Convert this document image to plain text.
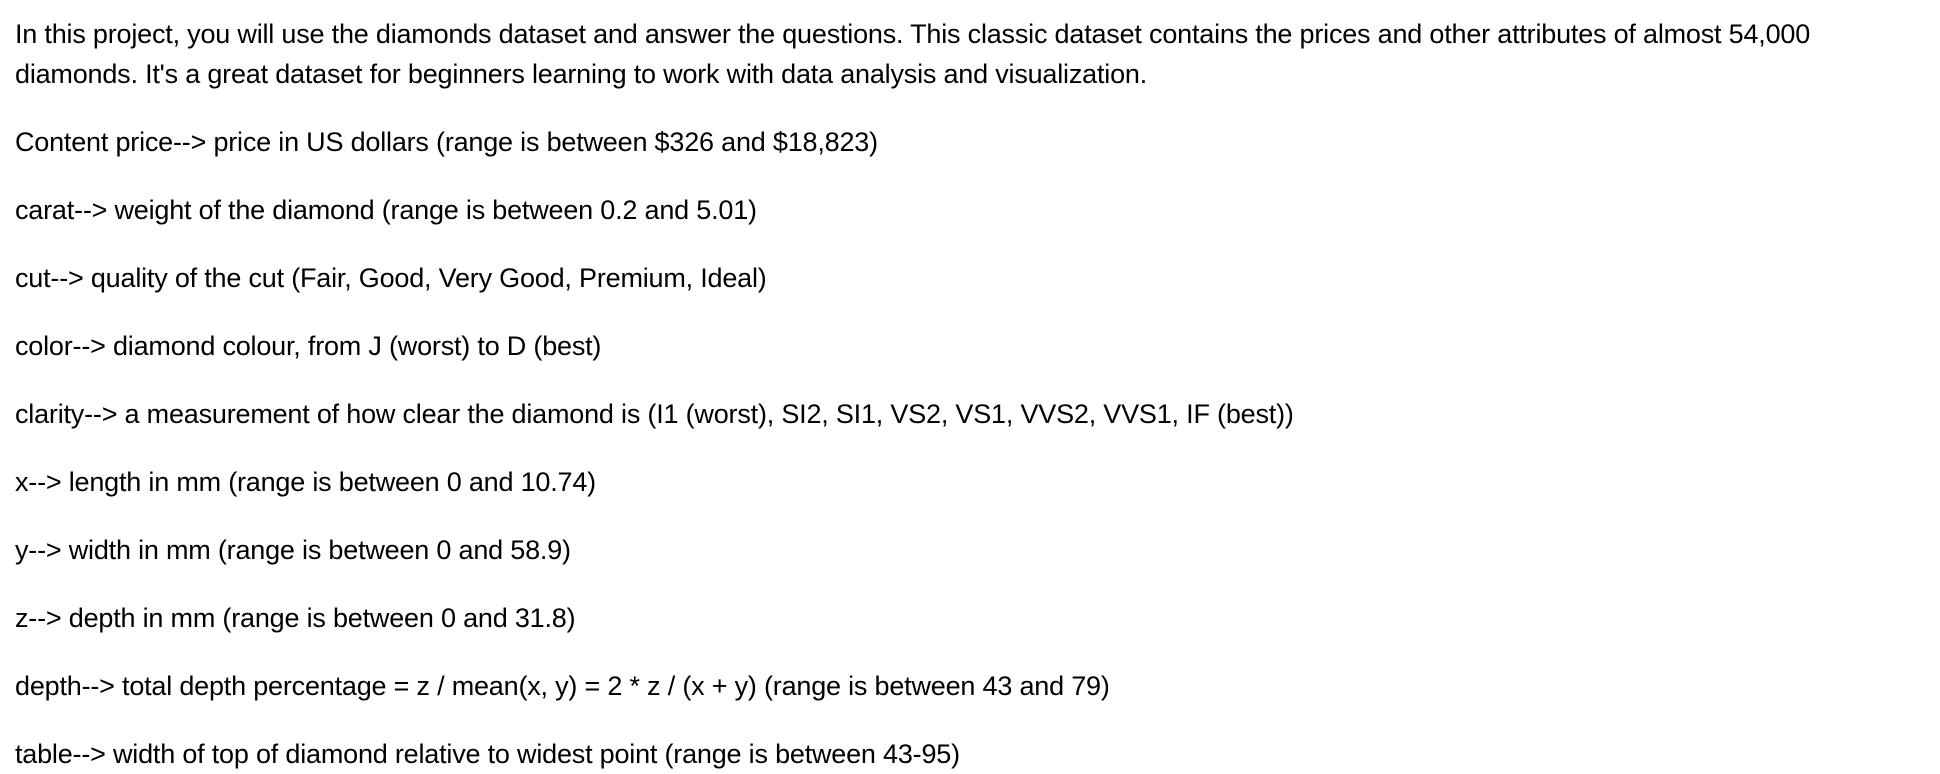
In this project, you will use the diamonds dataset and answer the questions. This classic dataset contains the prices and other attributes of almost 54,000 diamonds. It's a great dataset for beginners learning to work with data analysis and visualization.

Content price--> price in US dollars (range is between $326 and $18,823)

carat--> weight of the diamond (range is between 0.2 and 5.01)

cut--> quality of the cut (Fair, Good, Very Good, Premium, Ideal)

color--> diamond colour, from J (worst) to D (best)

clarity--> a measurement of how clear the diamond is (I1 (worst), SI2, SI1, VS2, VS1, VVS2, VVS1, IF (best))

x--> length in mm (range is between 0 and 10.74)

y--> width in mm (range is between 0 and 58.9)

z--> depth in mm (range is between 0 and 31.8)

depth--> total depth percentage = z / mean(x, y) = 2 * z / (x + y) (range is between 43 and 79)

table--> width of top of diamond relative to widest point (range is between 43-95)
